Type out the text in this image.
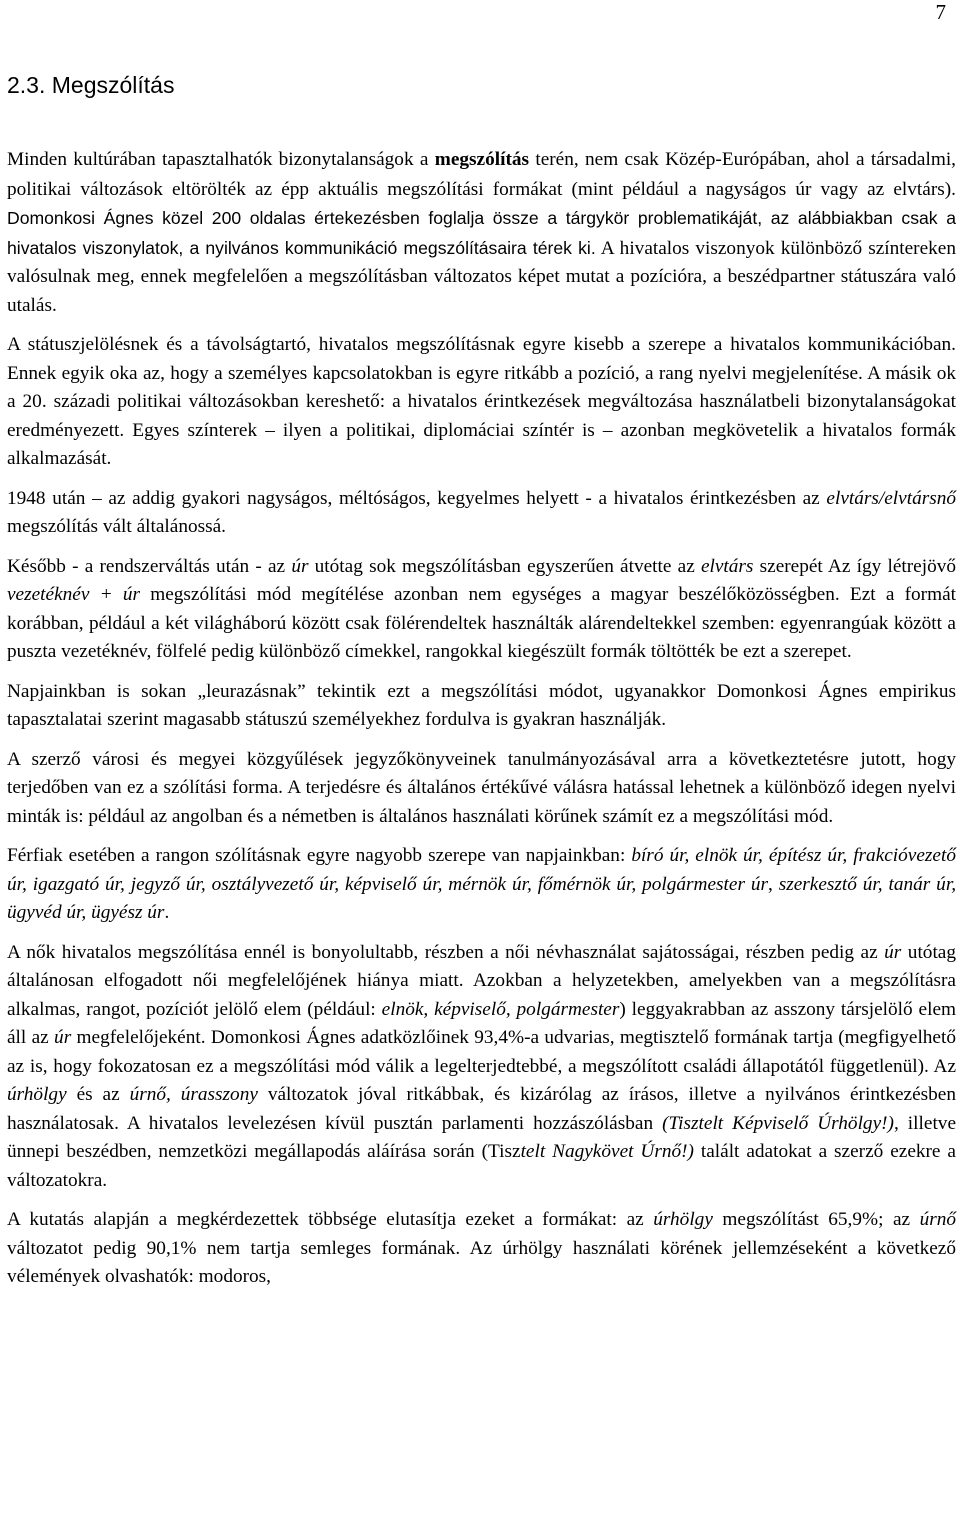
7
2.3. Megszólítás

Minden kultúrában tapasztalhatók bizonytalanságok a megszólítás terén, nem csak Közép-Európában, ahol a társadalmi, politikai változások eltörölték az épp aktuális megszólítási formákat (mint például a nagyságos úr vagy az elvtárs). Domonkosi Ágnes közel 200 oldalas értekezésben foglalja össze a tárgykör problematikáját, az alábbiakban csak a hivatalos viszonylatok, a nyilvános kommunikáció megszólításaira térek ki. A hivatalos viszonyok különböző színtereken valósulnak meg, ennek megfelelően a megszólításban változatos képet mutat a pozícióra, a beszédpartner státuszára való utalás.

A státuszjelölésnek és a távolságtartó, hivatalos megszólításnak egyre kisebb a szerepe a hivatalos kommunikációban. Ennek egyik oka az, hogy a személyes kapcsolatokban is egyre ritkább a pozíció, a rang nyelvi megjelenítése. A másik ok a 20. századi politikai változásokban kereshető: a hivatalos érintkezések megváltozása használatbeli bizonytalanságokat eredményezett. Egyes színterek – ilyen a politikai, diplomáciai színtér is – azonban megkövetelik a hivatalos formák alkalmazását.

1948 után – az addig gyakori nagyságos, méltóságos, kegyelmes helyett - a hivatalos érintkezésben az elvtárs/elvtársnő megszólítás vált általánossá.

Később - a rendszerváltás után - az úr utótag sok megszólításban egyszerűen átvette az elvtárs szerepét Az így létrejövő vezetéknév + úr megszólítási mód megítélése azonban nem egységes a magyar beszélőközösségben. Ezt a formát korábban, például a két világháború között csak fölérendeltek használták alárendeltekkel szemben: egyenrangúak között a puszta vezetéknév, fölfelé pedig különböző címekkel, rangokkal kiegészült formák töltötték be ezt a szerepet.

Napjainkban is sokan „leurazásnak” tekintik ezt a megszólítási módot, ugyanakkor Domonkosi Ágnes empirikus tapasztalatai szerint magasabb státuszú személyekhez fordulva is gyakran használják.

A szerző városi és megyei közgyűlések jegyzőkönyveinek tanulmányozásával arra a következtetésre jutott, hogy terjedőben van ez a szólítási forma. A terjedésre és általános értékűvé válásra hatással lehetnek a különböző idegen nyelvi minták is: például az angolban és a németben is általános használati körűnek számít ez a megszólítási mód.

Férfiak esetében a rangon szólításnak egyre nagyobb szerepe van napjainkban: bíró úr, elnök úr, építész úr, frakcióvezető úr, igazgató úr, jegyző úr, osztályvezető úr, képviselő úr, mérnök úr, főmérnök úr, polgármester úr, szerkesztő úr, tanár úr, ügyvéd úr, ügyész úr.

A nők hivatalos megszólítása ennél is bonyolultabb, részben a női névhasználat sajátosságai, részben pedig az úr utótag általánosan elfogadott női megfelelőjének hiánya miatt. Azokban a helyzetekben, amelyekben van a megszólításra alkalmas, rangot, pozíciót jelölő elem (például: elnök, képviselő, polgármester) leggyakrabban az asszony társjelölő elem áll az úr megfelelőjeként. Domonkosi Ágnes adatközlőinek 93,4%-a udvarias, megtisztelő formának tartja (megfigyelhető az is, hogy fokozatosan ez a megszólítási mód válik a legelterjedtebbé, a megszólított családi állapotától függetlenül). Az úrhölgy és az úrnő, úrasszony változatok jóval ritkábbak, és kizárólag az írásos, illetve a nyilvános érintkezésben használatosak. A hivatalos levelezésen kívül pusztán parlamenti hozzászólásban (Tisztelt Képviselő Úrhölgy!), illetve ünnepi beszédben, nemzetközi megállapodás aláírása során (Tisztelt Nagykövet Úrnő!) talált adatokat a szerző ezekre a változatokra.

A kutatás alapján a megkérdezettek többsége elutasítja ezeket a formákat: az úrhölgy megszólítást 65,9%; az úrnő változatot pedig 90,1% nem tartja semleges formának. Az úrhölgy használati körének jellemzéseként a következő vélemények olvashatók: modoros,
